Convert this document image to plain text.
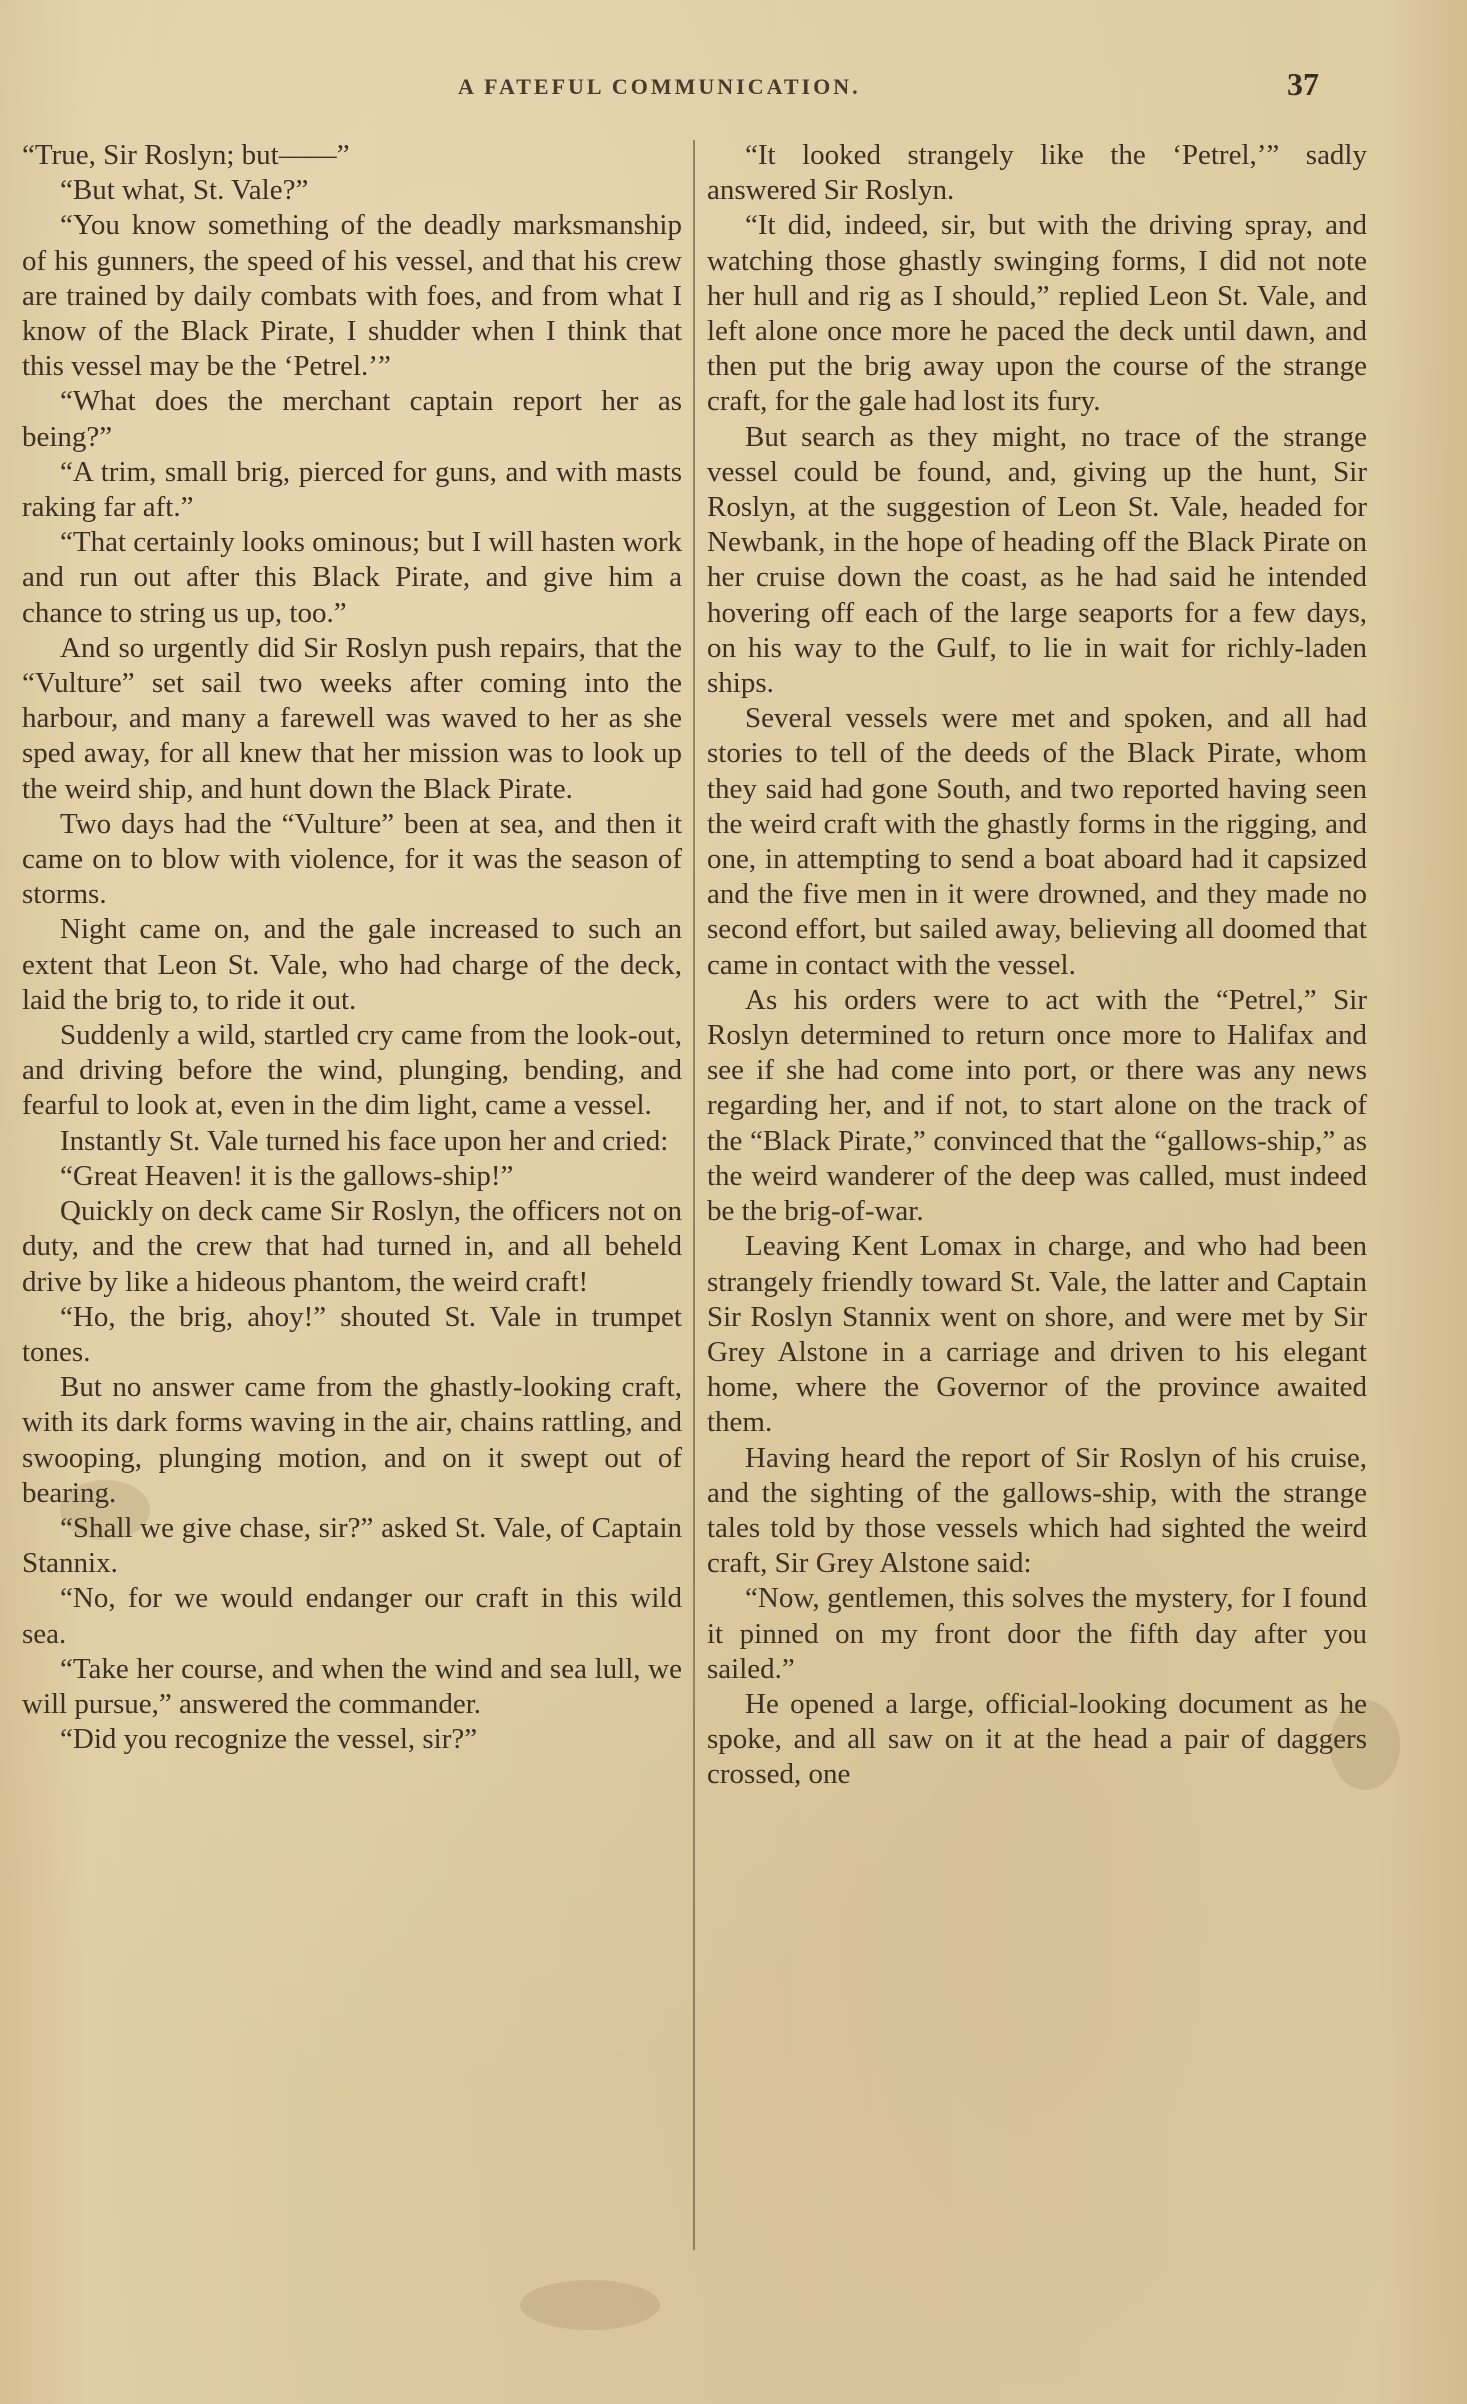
A FATEFUL COMMUNICATION.	37

“True, Sir Roslyn; but——”

“But what, St. Vale?”

“You know something of the deadly marksmanship of his gunners, the speed of his vessel, and that his crew are trained by daily combats with foes, and from what I know of the Black Pirate, I shudder when I think that this vessel may be the ‘Petrel.’”

“What does the merchant captain report her as being?”

“A trim, small brig, pierced for guns, and with masts raking far aft.”

“That certainly looks ominous; but I will hasten work and run out after this Black Pirate, and give him a chance to string us up, too.”

And so urgently did Sir Roslyn push repairs, that the “Vulture” set sail two weeks after coming into the harbour, and many a farewell was waved to her as she sped away, for all knew that her mission was to look up the weird ship, and hunt down the Black Pirate.

Two days had the “Vulture” been at sea, and then it came on to blow with violence, for it was the season of storms.

Night came on, and the gale increased to such an extent that Leon St. Vale, who had charge of the deck, laid the brig to, to ride it out.

Suddenly a wild, startled cry came from the look-out, and driving before the wind, plunging, bending, and fearful to look at, even in the dim light, came a vessel.

Instantly St. Vale turned his face upon her and cried:

“Great Heaven! it is the gallows-ship!”

Quickly on deck came Sir Roslyn, the officers not on duty, and the crew that had turned in, and all beheld drive by like a hideous phantom, the weird craft!

“Ho, the brig, ahoy!” shouted St. Vale in trumpet tones.

But no answer came from the ghastly-looking craft, with its dark forms waving in the air, chains rattling, and swooping, plunging motion, and on it swept out of bearing.

“Shall we give chase, sir?” asked St. Vale, of Captain Stannix.

“No, for we would endanger our craft in this wild sea.

“Take her course, and when the wind and sea lull, we will pursue,” answered the commander.

“Did you recognize the vessel, sir?”

“It looked strangely like the ‘Petrel,’” sadly answered Sir Roslyn.

“It did, indeed, sir, but with the driving spray, and watching those ghastly swinging forms, I did not note her hull and rig as I should,” replied Leon St. Vale, and left alone once more he paced the deck until dawn, and then put the brig away upon the course of the strange craft, for the gale had lost its fury.

But search as they might, no trace of the strange vessel could be found, and, giving up the hunt, Sir Roslyn, at the suggestion of Leon St. Vale, headed for Newbank, in the hope of heading off the Black Pirate on her cruise down the coast, as he had said he intended hovering off each of the large seaports for a few days, on his way to the Gulf, to lie in wait for richly-laden ships.

Several vessels were met and spoken, and all had stories to tell of the deeds of the Black Pirate, whom they said had gone South, and two reported having seen the weird craft with the ghastly forms in the rigging, and one, in attempting to send a boat aboard had it capsized and the five men in it were drowned, and they made no second effort, but sailed away, believing all doomed that came in contact with the vessel.

As his orders were to act with the “Petrel,” Sir Roslyn determined to return once more to Halifax and see if she had come into port, or there was any news regarding her, and if not, to start alone on the track of the “Black Pirate,” convinced that the “gallows-ship,” as the weird wanderer of the deep was called, must indeed be the brig-of-war.

Leaving Kent Lomax in charge, and who had been strangely friendly toward St. Vale, the latter and Captain Sir Roslyn Stannix went on shore, and were met by Sir Grey Alstone in a carriage and driven to his elegant home, where the Governor of the province awaited them.

Having heard the report of Sir Roslyn of his cruise, and the sighting of the gallows-ship, with the strange tales told by those vessels which had sighted the weird craft, Sir Grey Alstone said:

“Now, gentlemen, this solves the mystery, for I found it pinned on my front door the fifth day after you sailed.”

He opened a large, official-looking document as he spoke, and all saw on it at the head a pair of daggers crossed, one
